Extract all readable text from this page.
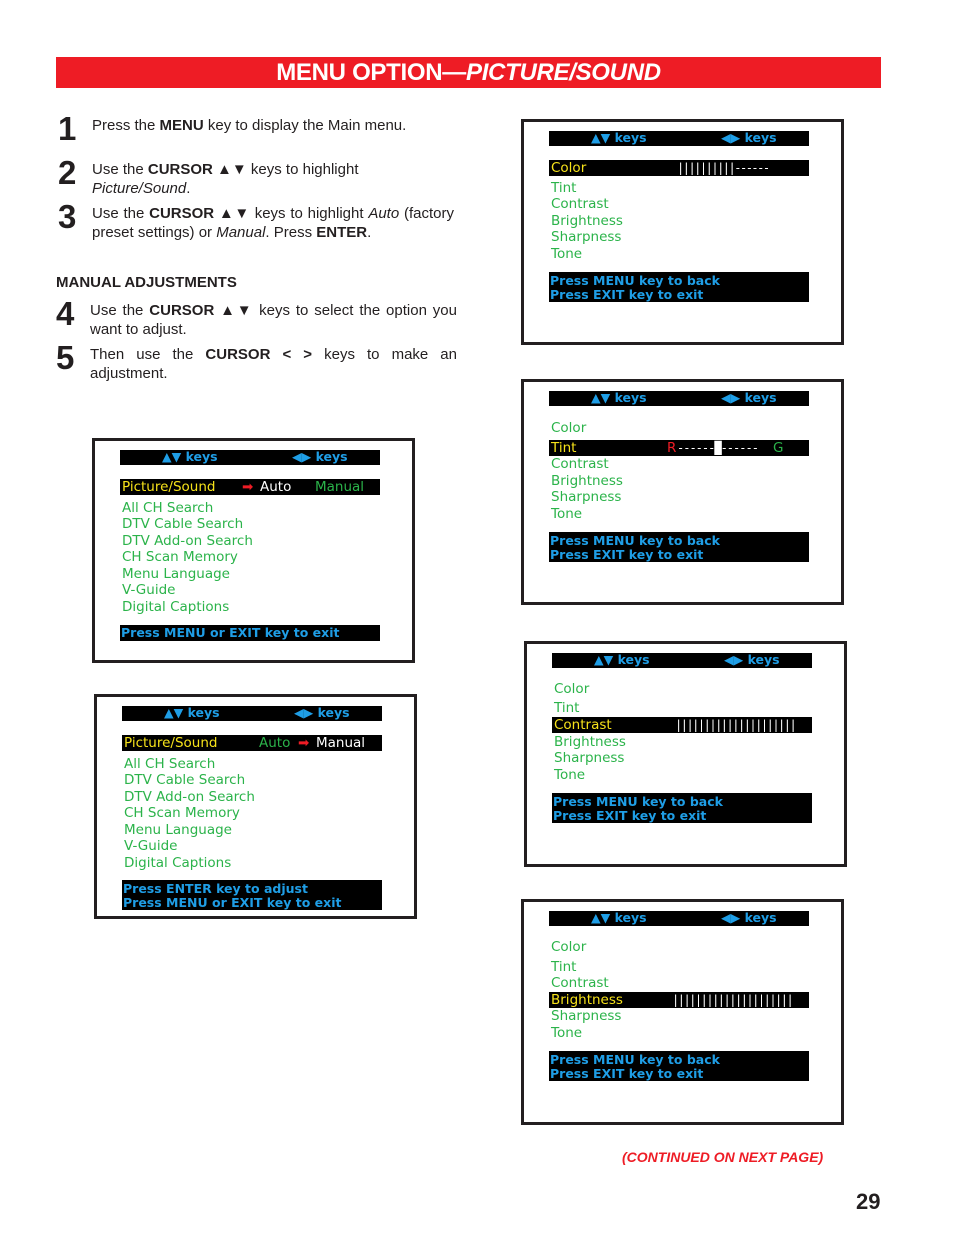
MENU OPTION—PICTURE/SOUND
1 Press the MENU key to display the Main menu.
2 Use the CURSOR ▲▼ keys to highlight
Picture/Sound.
3 Use the CURSOR ▲▼ keys to highlight Auto (factory preset settings) or Manual. Press ENTER.
MANUAL ADJUSTMENTS
4 Use the CURSOR ▲▼ keys to select the option you want to adjust.
5 Then use the CURSOR < > keys to make an adjustment.
▲▼ keys	◀▶ keys
Picture/Sound ➡ Auto Manual
All CH Search
DTV Cable Search
DTV Add-on Search
CH Scan Memory
Menu Language
V-Guide
Digital Captions
Press MENU or EXIT key to exit
▲▼ keys	◀▶ keys
Picture/Sound	Auto ➡ Manual
All CH Search
DTV Cable Search
DTV Add-on Search
CH Scan Memory
Menu Language
V-Guide
Digital Captions
Press ENTER key to adjust
Press MENU or EXIT key to exit
▲▼ keys	◀▶ keys
Color	||||||||||------
Tint
Contrast
Brightness
Sharpness
Tone
Press MENU key to back
Press EXIT key to exit
▲▼ keys	◀▶ keys
Color
Tint	R ------█------ G
Contrast
Brightness
Sharpness
Tone
Press MENU key to back
Press EXIT key to exit
▲▼ keys	◀▶ keys
Color
Tint
Contrast	|||||||||||||||||||||
Brightness
Sharpness
Tone
Press MENU key to back
Press EXIT key to exit
▲▼ keys	◀▶ keys
Color
Tint
Contrast
Brightness	|||||||||||||||||||||
Sharpness
Tone
Press MENU key to back
Press EXIT key to exit
(CONTINUED ON NEXT PAGE)
29
